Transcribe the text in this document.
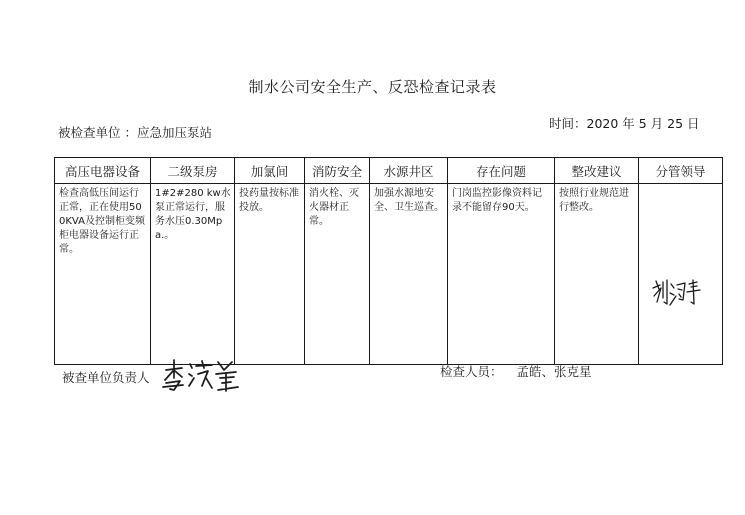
制水公司安全生产、反恐检查记录表
被检查单位 ：应急加压泵站
时间：2020 年 5 月 25 日
高压电器设备	二级泵房	加氯间	消防安全	水源井区	存在问题	整改建议	分管领导
检查高低压间运行正常，正在使用500KVA及控制柜变频柜电器设备运行正常。	1#2#280 kw水泵正常运行，服务水压0.30Mpa.。	投药量按标准投放。	消火栓、灭火器材正常。	加强水源地安全、卫生巡查。	门岗监控影像资料记录不能留存90天。	按照行业规范进行整改。	
被查单位负责人	检查人员： 孟皓、张克星
